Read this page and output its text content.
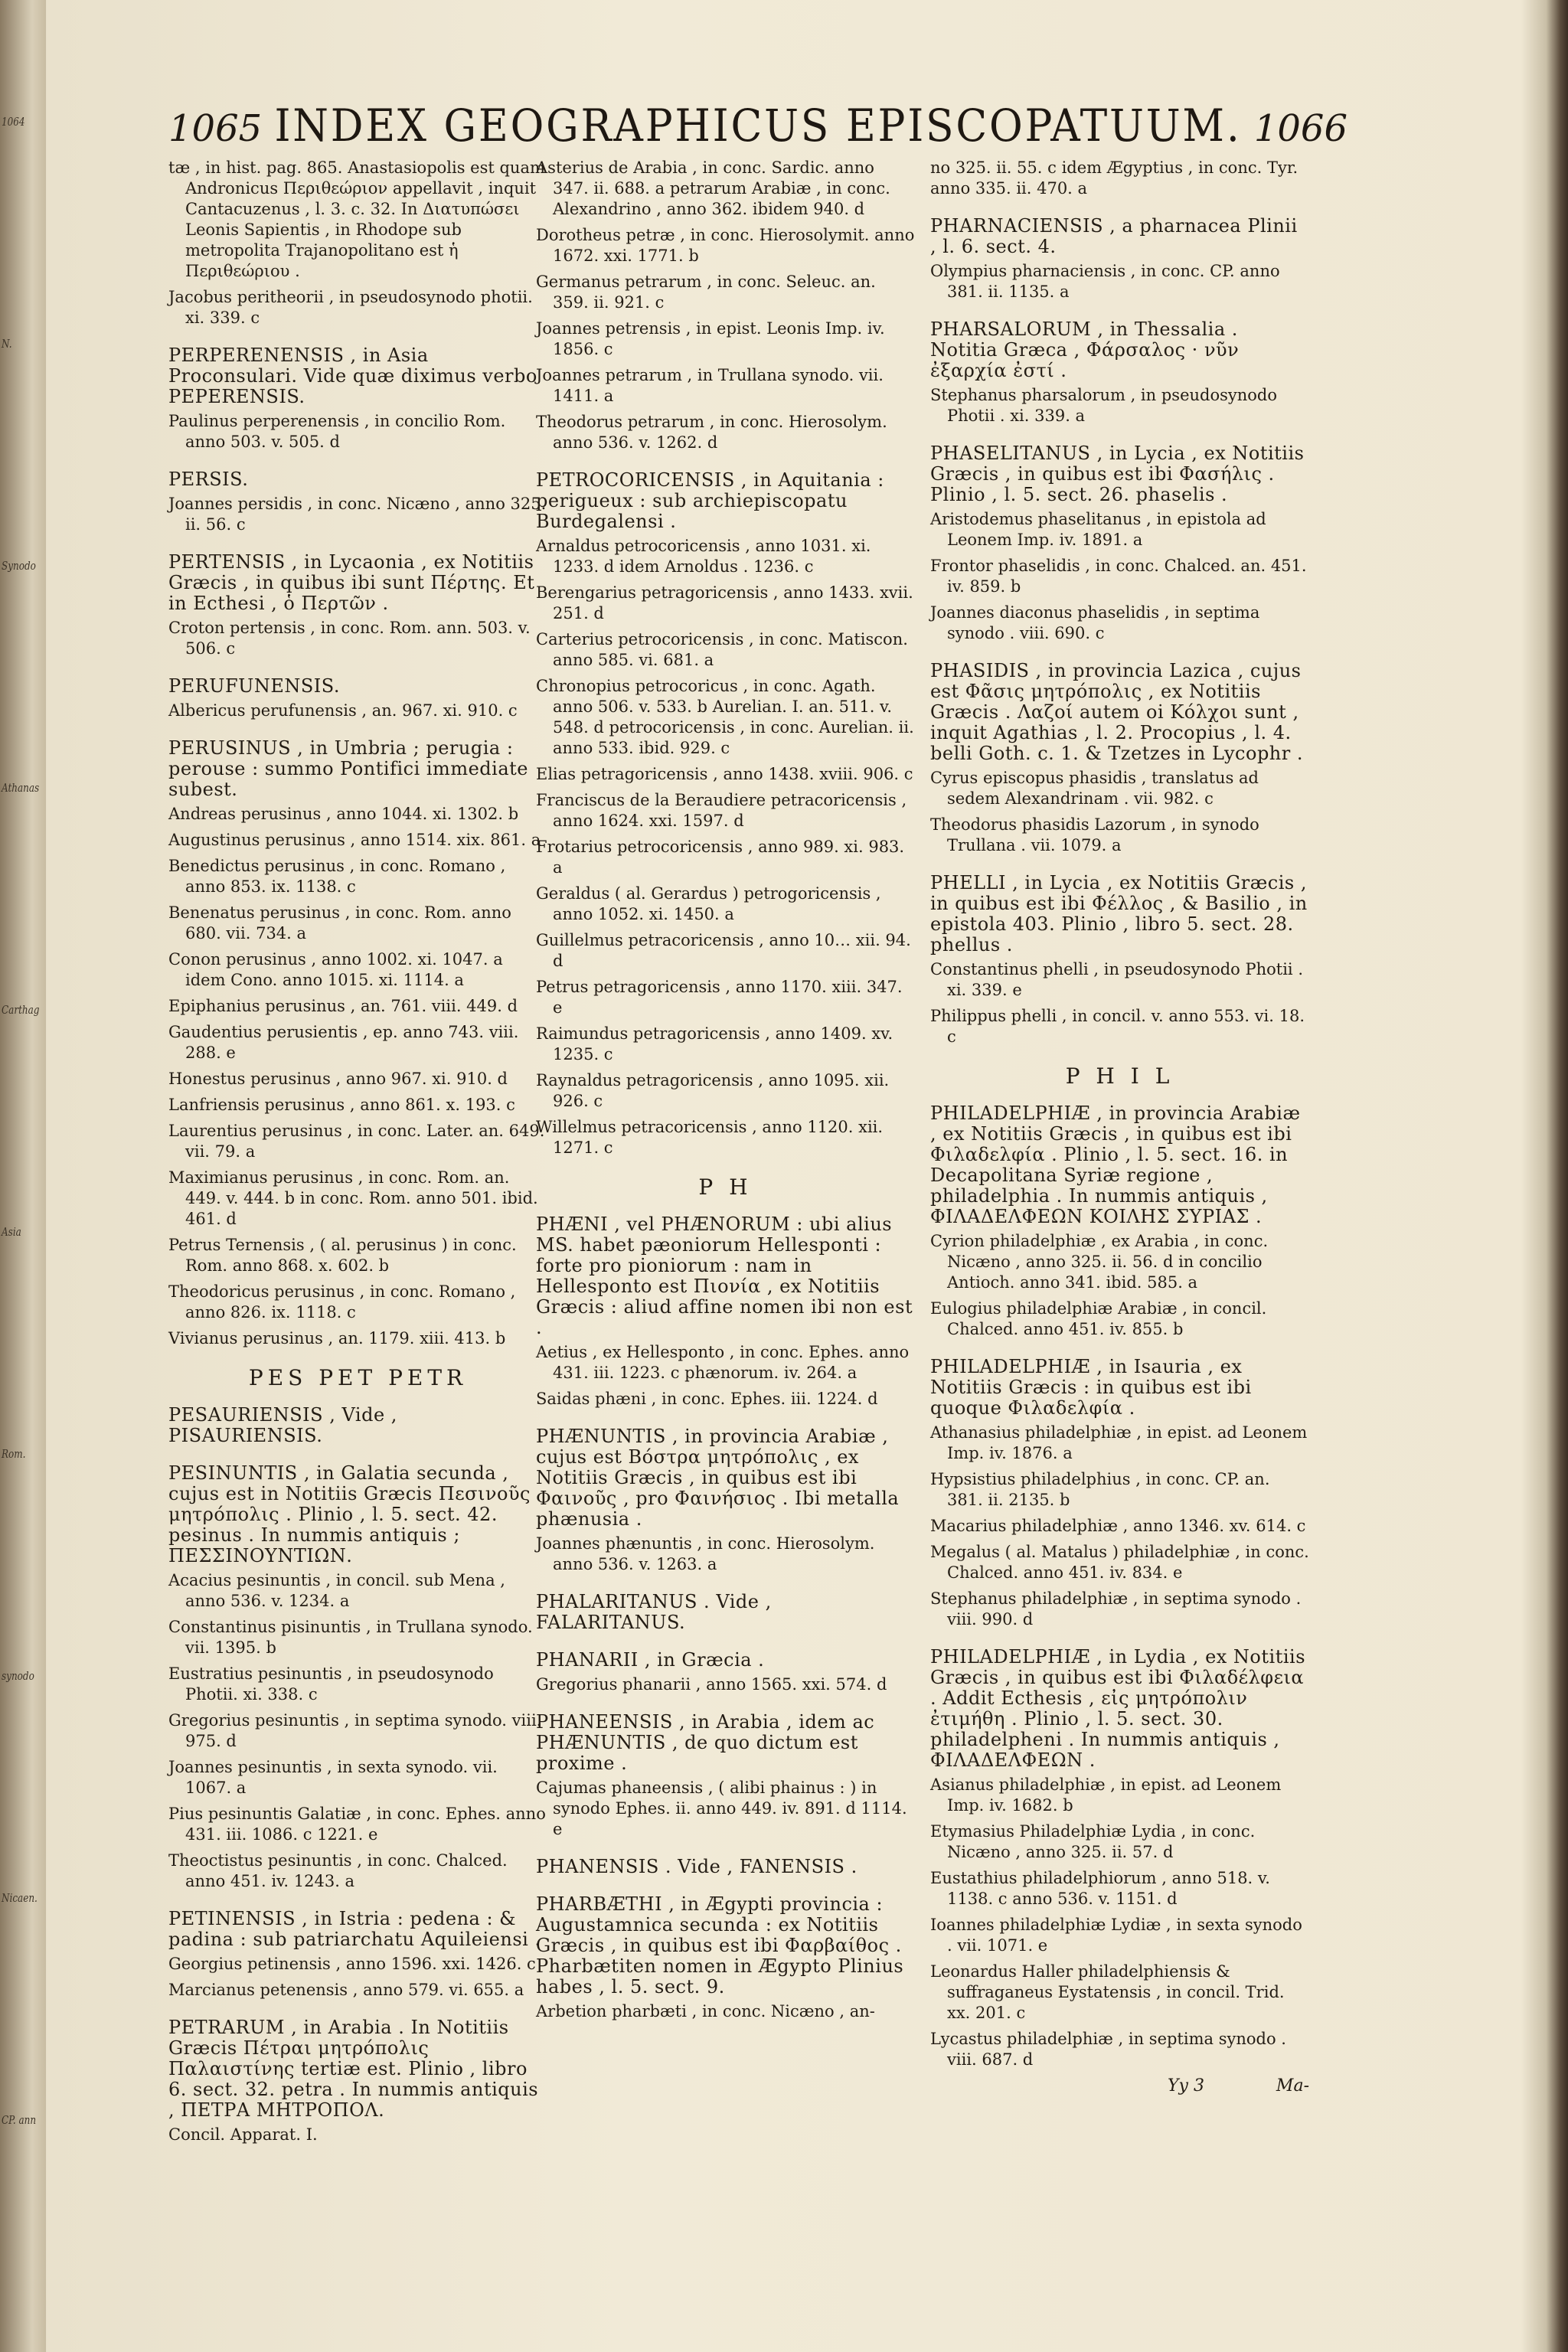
1064
N.
Synodo
Athanas
Carthag
Asia
Rom.
synodo
Nicaen.
CP. ann
1065 INDEX GEOGRAPHICUS EPISCOPATUUM. 1066

tæ , in hist. pag. 865. Anastasiopolis est quam Andronicus Περιθεώριον appellavit , inquit Cantacuzenus , l. 3. c. 32. In Διατυπώσει Leonis Sapientis , in Rhodope sub metropolita Trajanopolitano est ἡ Περιθεώριου .

Jacobus peritheorii , in pseudosynodo photii. xi. 339. c

PERPERENENSIS , in Asia Proconsulari. Vide quæ diximus verbo PEPERENSIS.

Paulinus perperenensis , in concilio Rom. anno 503. v. 505. d

PERSIS.

Joannes persidis , in conc. Nicæno , anno 325. ii. 56. c

PERTENSIS , in Lycaonia , ex Notitiis Græcis , in quibus ibi sunt Πέρτης. Et in Ecthesi , ὁ Περτῶν .

Croton pertensis , in conc. Rom. ann. 503. v. 506. c

PERUFUNENSIS.

Albericus perufunensis , an. 967. xi. 910. c

PERUSINUS , in Umbria ; perugia : perouse : summo Pontifici immediate subest.

Andreas perusinus , anno 1044. xi. 1302. b

Augustinus perusinus , anno 1514. xix. 861. a

Benedictus perusinus , in conc. Romano , anno 853. ix. 1138. c

Benenatus perusinus , in conc. Rom. anno 680. vii. 734. a

Conon perusinus , anno 1002. xi. 1047. a idem Cono. anno 1015. xi. 1114. a

Epiphanius perusinus , an. 761. viii. 449. d

Gaudentius perusientis , ep. anno 743. viii. 288. e

Honestus perusinus , anno 967. xi. 910. d

Lanfriensis perusinus , anno 861. x. 193. c

Laurentius perusinus , in conc. Later. an. 649. vii. 79. a

Maximianus perusinus , in conc. Rom. an. 449. v. 444. b in conc. Rom. anno 501. ibid. 461. d

Petrus Ternensis , ( al. perusinus ) in conc. Rom. anno 868. x. 602. b

Theodoricus perusinus , in conc. Romano , anno 826. ix. 1118. c

Vivianus perusinus , an. 1179. xiii. 413. b

PES PET PETR

PESAURIENSIS , Vide , PISAURIENSIS.

PESINUNTIS , in Galatia secunda , cujus est in Notitiis Græcis Πεσινοῦς μητρόπολις . Plinio , l. 5. sect. 42. pesinus . In nummis antiquis ; ΠΕΣΣΙΝΟΥΝΤΙΩΝ.

Acacius pesinuntis , in concil. sub Mena , anno 536. v. 1234. a

Constantinus pisinuntis , in Trullana synodo. vii. 1395. b

Eustratius pesinuntis , in pseudosynodo Photii. xi. 338. c

Gregorius pesinuntis , in septima synodo. viii. 975. d

Joannes pesinuntis , in sexta synodo. vii. 1067. a

Pius pesinuntis Galatiæ , in conc. Ephes. anno 431. iii. 1086. c 1221. e

Theoctistus pesinuntis , in conc. Chalced. anno 451. iv. 1243. a

PETINENSIS , in Istria : pedena : & padina : sub patriarchatu Aquileiensi .

Georgius petinensis , anno 1596. xxi. 1426. c

Marcianus petenensis , anno 579. vi. 655. a

PETRARUM , in Arabia . In Notitiis Græcis Πέτραι μητρόπολις Παλαιστίνης tertiæ est. Plinio , libro 6. sect. 32. petra . In nummis antiquis , ΠΕΤΡΑ ΜΗΤΡΟΠΟΛ.

Concil. Apparat. I.

Asterius de Arabia , in conc. Sardic. anno 347. ii. 688. a petrarum Arabiæ , in conc. Alexandrino , anno 362. ibidem 940. d

Dorotheus petræ , in conc. Hierosolymit. anno 1672. xxi. 1771. b

Germanus petrarum , in conc. Seleuc. an. 359. ii. 921. c

Joannes petrensis , in epist. Leonis Imp. iv. 1856. c

Joannes petrarum , in Trullana synodo. vii. 1411. a

Theodorus petrarum , in conc. Hierosolym. anno 536. v. 1262. d

PETROCORICENSIS , in Aquitania : perigueux : sub archiepiscopatu Burdegalensi .

Arnaldus petrocoricensis , anno 1031. xi. 1233. d idem Arnoldus . 1236. c

Berengarius petragoricensis , anno 1433. xvii. 251. d

Carterius petrocoricensis , in conc. Matiscon. anno 585. vi. 681. a

Chronopius petrocoricus , in conc. Agath. anno 506. v. 533. b Aurelian. I. an. 511. v. 548. d petrocoricensis , in conc. Aurelian. ii. anno 533. ibid. 929. c

Elias petragoricensis , anno 1438. xviii. 906. c

Franciscus de la Beraudiere petracoricensis , anno 1624. xxi. 1597. d

Frotarius petrocoricensis , anno 989. xi. 983. a

Geraldus ( al. Gerardus ) petrogoricensis , anno 1052. xi. 1450. a

Guillelmus petracoricensis , anno 10… xii. 94. d

Petrus petragoricensis , anno 1170. xiii. 347. e

Raimundus petragoricensis , anno 1409. xv. 1235. c

Raynaldus petragoricensis , anno 1095. xii. 926. c

Willelmus petracoricensis , anno 1120. xii. 1271. c

P H

PHÆNI , vel PHÆNORUM : ubi alius MS. habet pæoniorum Hellesponti : forte pro pioniorum : nam in Hellesponto est Πιονία , ex Notitiis Græcis : aliud affine nomen ibi non est .

Aetius , ex Hellesponto , in conc. Ephes. anno 431. iii. 1223. c phænorum. iv. 264. a

Saidas phæni , in conc. Ephes. iii. 1224. d

PHÆNUNTIS , in provincia Arabiæ , cujus est Βόστρα μητρόπολις , ex Notitiis Græcis , in quibus est ibi Φαινοῦς , pro Φαινήσιος . Ibi metalla phænusia .

Joannes phænuntis , in conc. Hierosolym. anno 536. v. 1263. a

PHALARITANUS . Vide , FALARITANUS.

PHANARII , in Græcia .

Gregorius phanarii , anno 1565. xxi. 574. d

PHANEENSIS , in Arabia , idem ac PHÆNUNTIS , de quo dictum est proxime .

Cajumas phaneensis , ( alibi phainus : ) in synodo Ephes. ii. anno 449. iv. 891. d 1114. e

PHANENSIS . Vide , FANENSIS .

PHARBÆTHI , in Ægypti provincia : Augustamnica secunda : ex Notitiis Græcis , in quibus est ibi Φαρβαίθος . Pharbætiten nomen in Ægypto Plinius habes , l. 5. sect. 9.

Arbetion pharbæti , in conc. Nicæno , an-

no 325. ii. 55. c idem Ægyptius , in conc. Tyr. anno 335. ii. 470. a

PHARNACIENSIS , a pharnacea Plinii , l. 6. sect. 4.

Olympius pharnaciensis , in conc. CP. anno 381. ii. 1135. a

PHARSALORUM , in Thessalia . Notitia Græca , Φάρσαλος · νῦν ἐξαρχία ἐστί .

Stephanus pharsalorum , in pseudosynodo Photii . xi. 339. a

PHASELITANUS , in Lycia , ex Notitiis Græcis , in quibus est ibi Φασήλις . Plinio , l. 5. sect. 26. phaselis .

Aristodemus phaselitanus , in epistola ad Leonem Imp. iv. 1891. a

Frontor phaselidis , in conc. Chalced. an. 451. iv. 859. b

Joannes diaconus phaselidis , in septima synodo . viii. 690. c

PHASIDIS , in provincia Lazica , cujus est Φᾶσις μητρόπολις , ex Notitiis Græcis . Λαζοί autem oi Κόλχοι sunt , inquit Agathias , l. 2. Procopius , l. 4. belli Goth. c. 1. & Tzetzes in Lycophr .

Cyrus episcopus phasidis , translatus ad sedem Alexandrinam . vii. 982. c

Theodorus phasidis Lazorum , in synodo Trullana . vii. 1079. a

PHELLI , in Lycia , ex Notitiis Græcis , in quibus est ibi Φέλλος , & Basilio , in epistola 403. Plinio , libro 5. sect. 28. phellus .

Constantinus phelli , in pseudosynodo Photii . xi. 339. e

Philippus phelli , in concil. v. anno 553. vi. 18. c

P H I L

PHILADELPHIÆ , in provincia Arabiæ , ex Notitiis Græcis , in quibus est ibi Φιλαδελφία . Plinio , l. 5. sect. 16. in Decapolitana Syriæ regione , philadelphia . In nummis antiquis , ΦΙΛΑΔΕΛΦΕΩΝ ΚΟΙΛΗΣ ΣΥΡΙΑΣ .

Cyrion philadelphiæ , ex Arabia , in conc. Nicæno , anno 325. ii. 56. d in concilio Antioch. anno 341. ibid. 585. a

Eulogius philadelphiæ Arabiæ , in concil. Chalced. anno 451. iv. 855. b

PHILADELPHIÆ , in Isauria , ex Notitiis Græcis : in quibus est ibi quoque Φιλαδελφία .

Athanasius philadelphiæ , in epist. ad Leonem Imp. iv. 1876. a

Hypsistius philadelphius , in conc. CP. an. 381. ii. 2135. b

Macarius philadelphiæ , anno 1346. xv. 614. c

Megalus ( al. Matalus ) philadelphiæ , in conc. Chalced. anno 451. iv. 834. e

Stephanus philadelphiæ , in septima synodo . viii. 990. d

PHILADELPHIÆ , in Lydia , ex Notitiis Græcis , in quibus est ibi Φιλαδέλφεια . Addit Ecthesis , εἰς μητρόπολιν ἐτιμήθη . Plinio , l. 5. sect. 30. philadelpheni . In nummis antiquis , ΦΙΛΑΔΕΛΦΕΩΝ .

Asianus philadelphiæ , in epist. ad Leonem Imp. iv. 1682. b

Etymasius Philadelphiæ Lydia , in conc. Nicæno , anno 325. ii. 57. d

Eustathius philadelphiorum , anno 518. v. 1138. c anno 536. v. 1151. d

Ioannes philadelphiæ Lydiæ , in sexta synodo . vii. 1071. e

Leonardus Haller philadelphiensis & suffraganeus Eystatensis , in concil. Trid. xx. 201. c

Lycastus philadelphiæ , in septima synodo . viii. 687. d

Yy 3	Ma-
